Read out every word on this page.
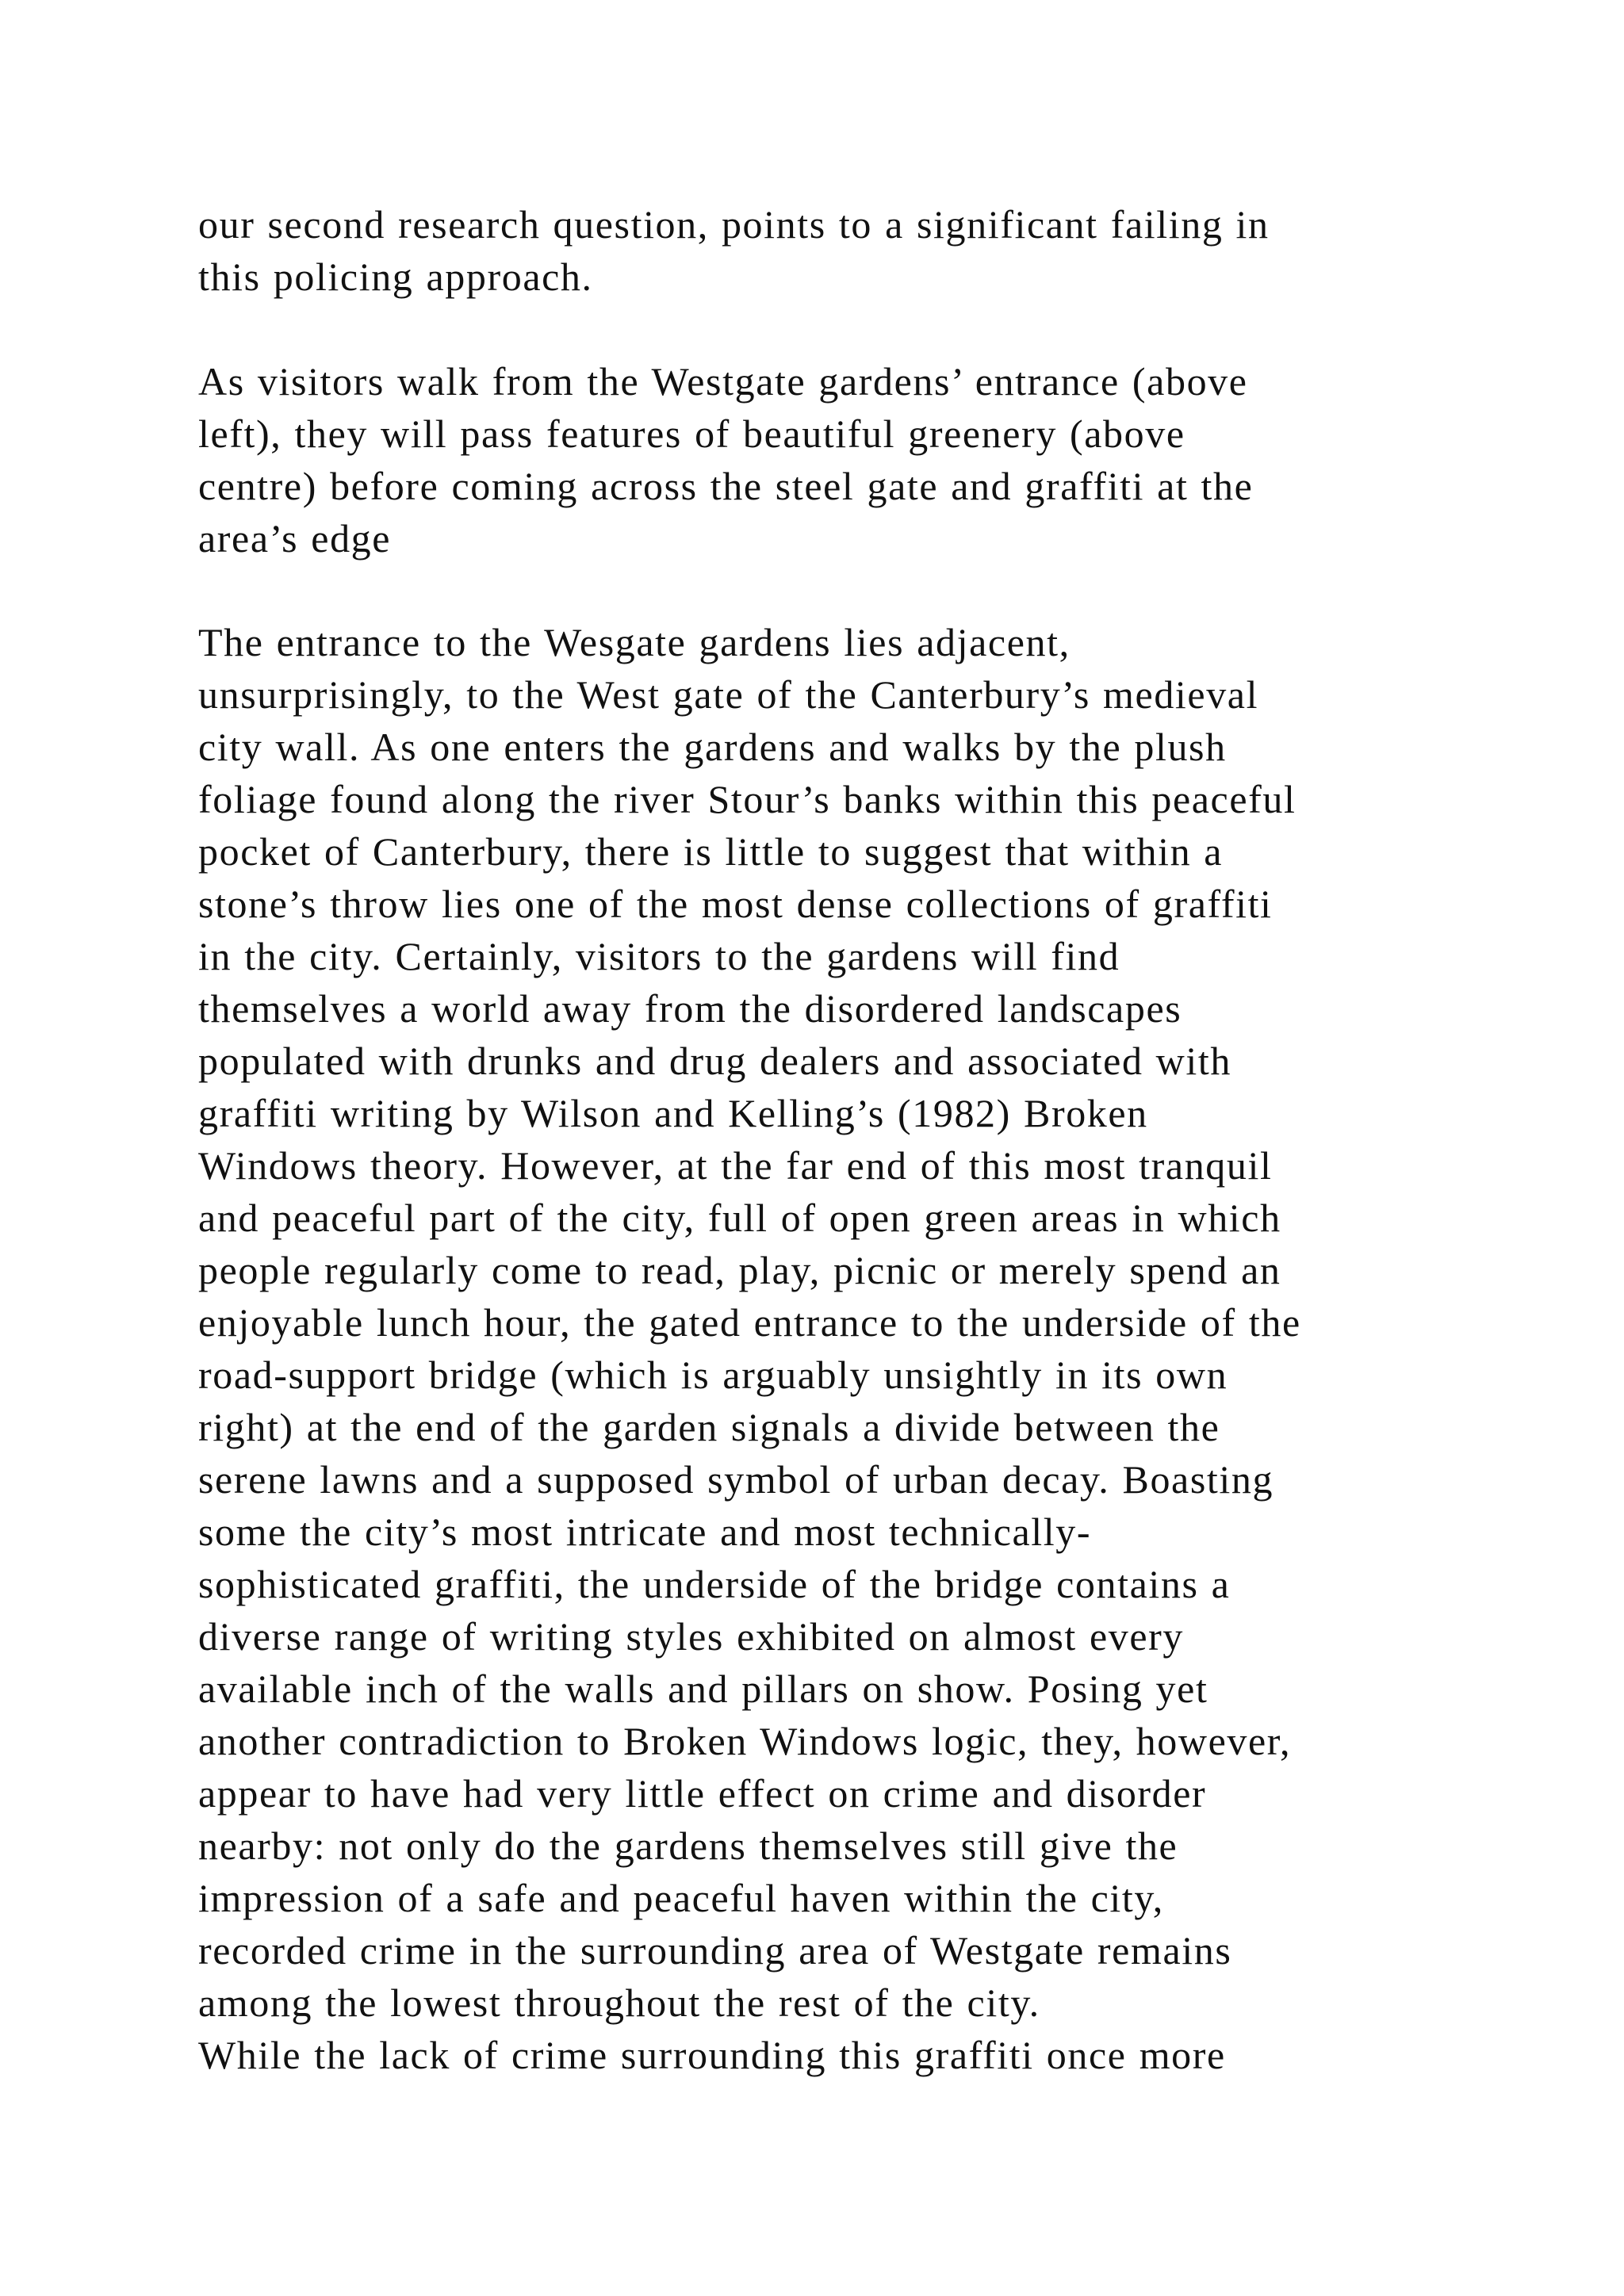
our second research question, points to a significant failing in
this policing approach.
As visitors walk from the Westgate gardens’ entrance (above
left), they will pass features of beautiful greenery (above
centre) before coming across the steel gate and graffiti at the
area’s edge
The entrance to the Wesgate gardens lies adjacent,
unsurprisingly, to the West gate of the Canterbury’s medieval
city wall. As one enters the gardens and walks by the plush
foliage found along the river Stour’s banks within this peaceful
pocket of Canterbury, there is little to suggest that within a
stone’s throw lies one of the most dense collections of graffiti
in the city. Certainly, visitors to the gardens will find
themselves a world away from the disordered landscapes
populated with drunks and drug dealers and associated with
graffiti writing by Wilson and Kelling’s (1982) Broken
Windows theory. However, at the far end of this most tranquil
and peaceful part of the city, full of open green areas in which
people regularly come to read, play, picnic or merely spend an
enjoyable lunch hour, the gated entrance to the underside of the
road-support bridge (which is arguably unsightly in its own
right) at the end of the garden signals a divide between the
serene lawns and a supposed symbol of urban decay. Boasting
some the city’s most intricate and most technically-
sophisticated graffiti, the underside of the bridge contains a
diverse range of writing styles exhibited on almost every
available inch of the walls and pillars on show. Posing yet
another contradiction to Broken Windows logic, they, however,
appear to have had very little effect on crime and disorder
nearby: not only do the gardens themselves still give the
impression of a safe and peaceful haven within the city,
recorded crime in the surrounding area of Westgate remains
among the lowest throughout the rest of the city.
While the lack of crime surrounding this graffiti once more
